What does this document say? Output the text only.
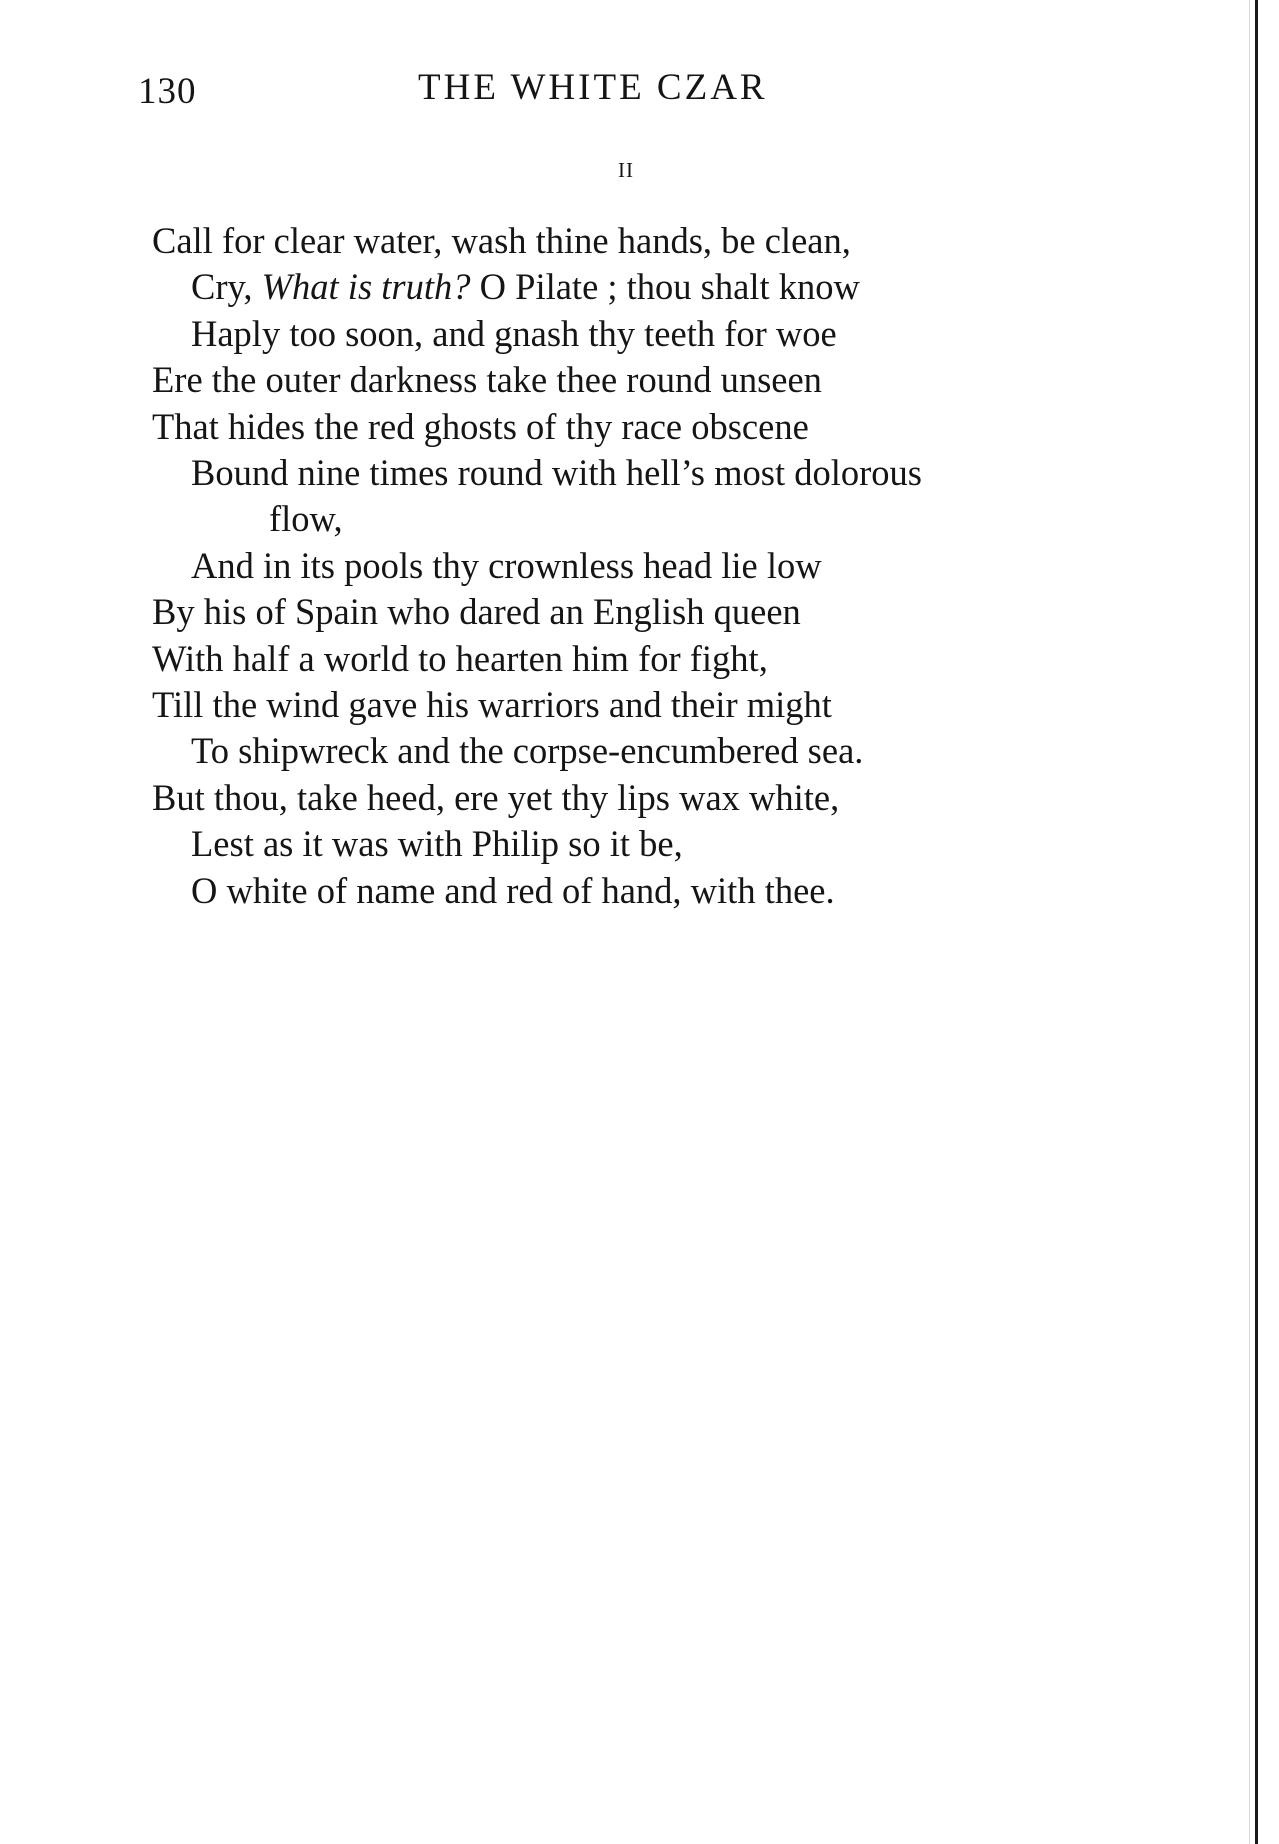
130	THE WHITE CZAR
II
Call for clear water, wash thine hands, be clean,
Cry, What is truth? O Pilate ; thou shalt know
Haply too soon, and gnash thy teeth for woe
Ere the outer darkness take thee round unseen
That hides the red ghosts of thy race obscene
Bound nine times round with hell’s most dolorous
flow,
And in its pools thy crownless head lie low
By his of Spain who dared an English queen
With half a world to hearten him for fight,
Till the wind gave his warriors and their might
To shipwreck and the corpse-encumbered sea.
But thou, take heed, ere yet thy lips wax white,
Lest as it was with Philip so it be,
O white of name and red of hand, with thee.
